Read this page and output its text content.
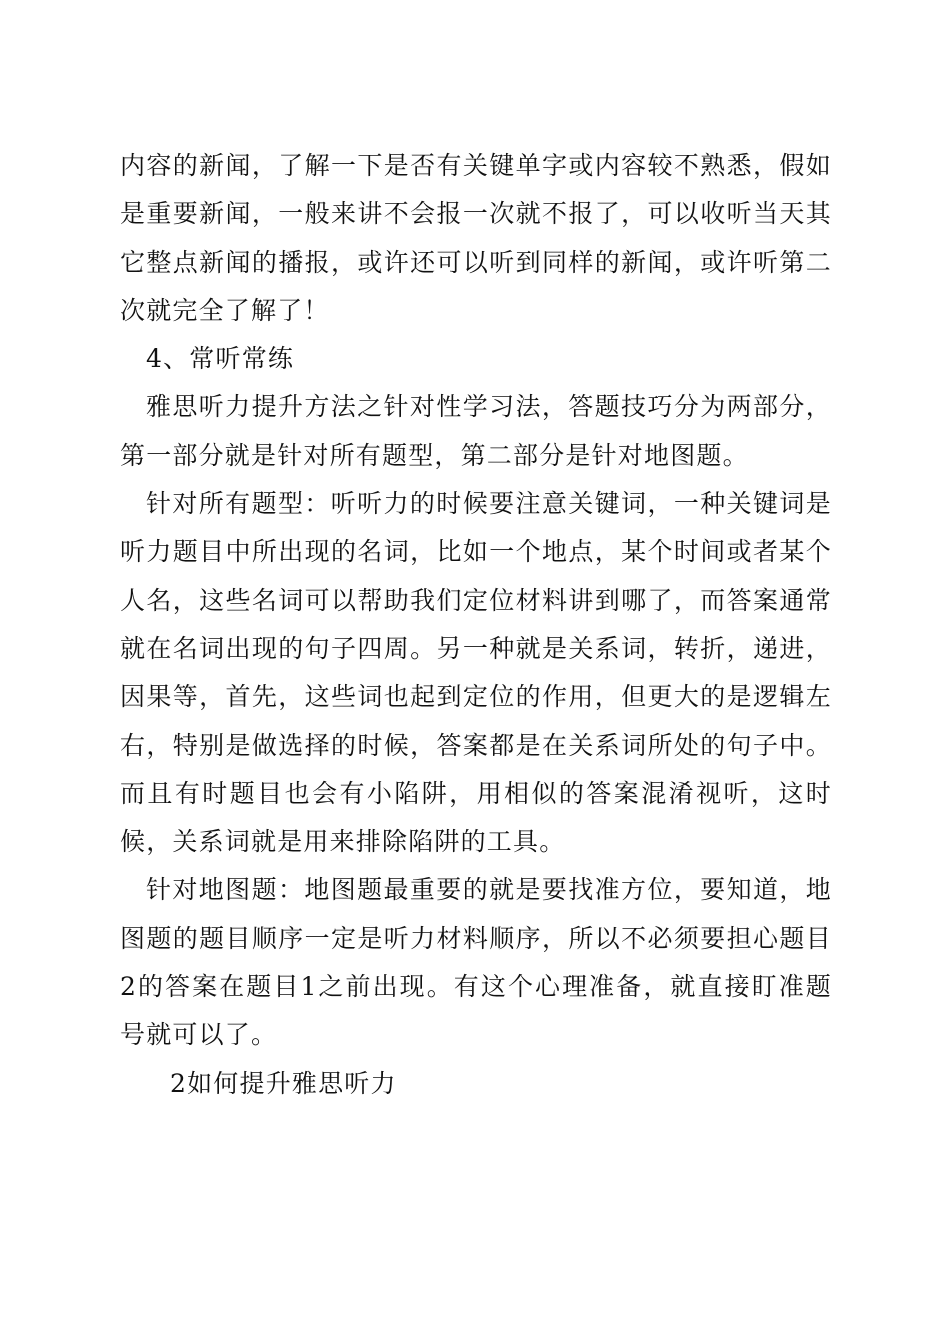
内容的新闻，了解一下是否有关键单字或内容较不熟悉，假如是重要新闻，一般来讲不会报一次就不报了，可以收听当天其它整点新闻的播报，或许还可以听到同样的新闻，或许听第二次就完全了解了！

4、常听常练

雅思听力提升方法之针对性学习法，答题技巧分为两部分，第一部分就是针对所有题型，第二部分是针对地图题。

针对所有题型：听听力的时候要注意关键词，一种关键词是听力题目中所出现的名词，比如一个地点，某个时间或者某个人名，这些名词可以帮助我们定位材料讲到哪了，而答案通常就在名词出现的句子四周。另一种就是关系词，转折，递进，因果等，首先，这些词也起到定位的作用，但更大的是逻辑左右，特别是做选择的时候，答案都是在关系词所处的句子中。而且有时题目也会有小陷阱，用相似的答案混淆视听，这时候，关系词就是用来排除陷阱的工具。

针对地图题：地图题最重要的就是要找准方位，要知道，地图题的题目顺序一定是听力材料顺序，所以不必须要担心题目2的答案在题目1之前出现。有这个心理准备，就直接盯准题号就可以了。

2如何提升雅思听力
